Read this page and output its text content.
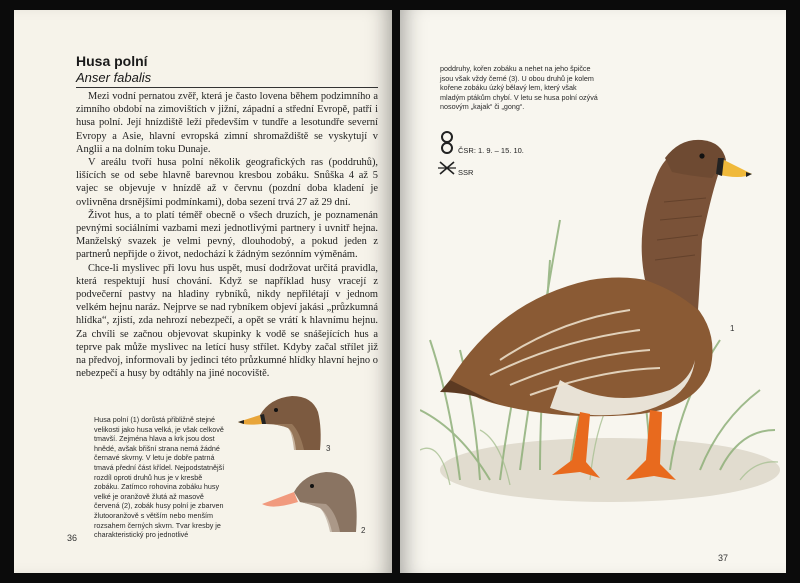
Husa polní
Anser fabalis

Mezi vodní pernatou zvěř, která je často lovena během podzimního a zimního období na zimovištích v jižní, západní a střední Evropě, patří i husa polní. Její hnízdiště leží především v tundře a lesotundře severní Evropy a Asie, hlavní evropská zimní shromaždiště se vyskytují v Anglii a na dolním toku Dunaje.

V areálu tvoří husa polní několik geografických ras (poddruhů), lišících se od sebe hlavně barevnou kresbou zobáku. Snůška 4 až 5 vajec se objevuje v hnízdě až v červnu (pozdní doba kladení je ovlivněna drsnějšími podmínkami), doba sezení trvá 27 až 29 dní.

Život hus, a to platí téměř obecně o všech druzích, je poznamenán pevnými sociálními vazbami mezi jednotlivými partnery i uvnitř hejna. Manželský svazek je velmi pevný, dlouhodobý, a pokud jeden z partnerů nepřijde o život, nedochází k žádným sezónním výměnám.

Chce-li myslivec při lovu hus uspět, musí dodržovat určitá pravidla, která respektují husí chování. Když se například husy vracejí z podvečerní pastvy na hladiny rybníků, nikdy nepřilétají v jednom velkém hejnu naráz. Nejprve se nad rybníkem objeví jakási „průzkumná hlídka“, zjistí, zda nehrozí nebezpečí, a opět se vrátí k hlavnímu hejnu. Za chvíli se začnou objevovat skupinky k vodě se snášejících hus a teprve pak může myslivec na letící husy střílet. Kdyby začal střílet již na předvoj, informovali by jedinci této průzkumné hlídky hlavní hejno o nebezpečí a husy by odtáhly na jiné nocoviště.

Husa polní (1) dorůstá přibližně stejné velikosti jako husa velká, je však celkově tmavší. Zejména hlava a krk jsou dost hnědé, avšak břišní strana nemá žádné černavé skvrny. V letu je dobře patrná tmavá přední část křídel. Nejpodstatnější rozdíl oproti druhů hus je v kresbě zobáku. Zatímco rohovina zobáku husy velké je oranžově žlutá až masově červená (2), zobák husy polní je zbarven žlutooranžově s větším nebo menším rozsahem černých skvrn. Tvar kresby je charakteristický pro jednotlivé
3
2
36
poddruhy, kořen zobáku a nehet na jeho špičce jsou však vždy černé (3). U obou druhů je kolem kořene zobáku úzký bělavý lem, který však mladým ptákům chybí. V letu se husa polní ozývá nosovým „kajak“ či „gong“.
ČSR: 1. 9. – 15. 10.
SSR
1
37
